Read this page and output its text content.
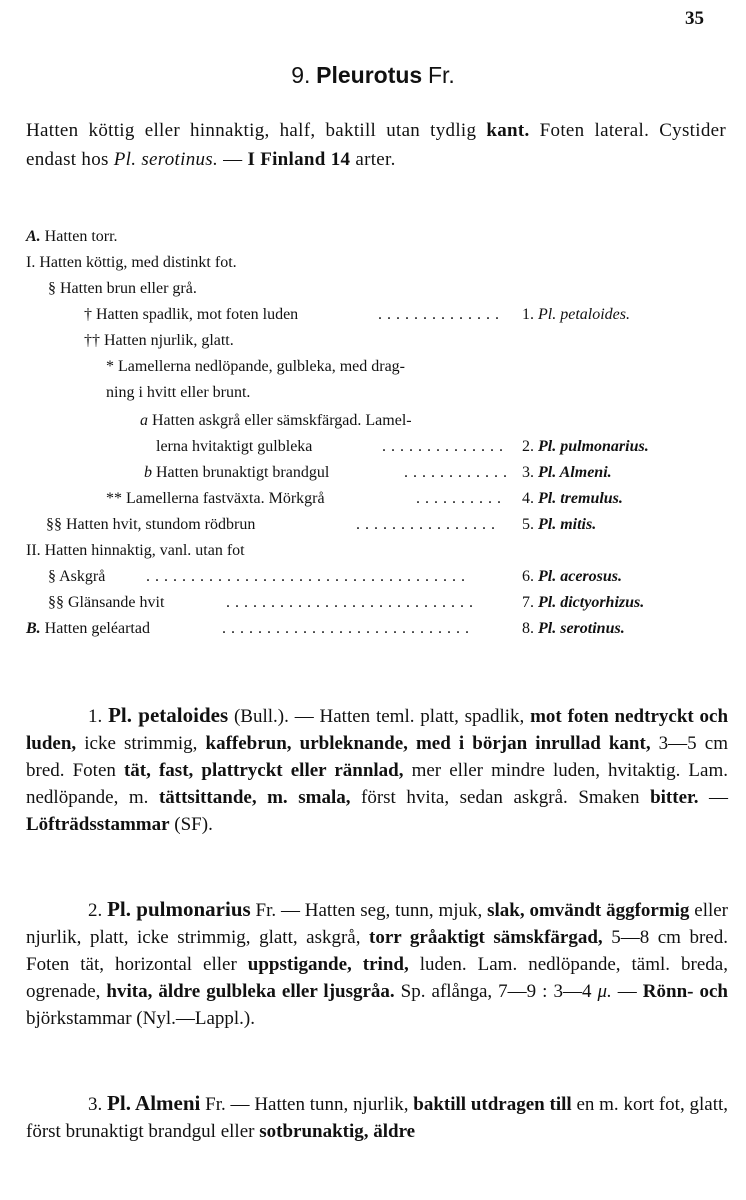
35
9. Pleurotus Fr.
Hatten köttig eller hinnaktig, half, baktill utan tydlig kant. Foten lateral. Cystider endast hos Pl. serotinus. — I Finland 14 arter.
A. Hatten torr.
I. Hatten köttig, med distinkt fot.
§ Hatten brun eller grå.
† Hatten spadlik, mot foten luden	..............	1. Pl. petaloides.
†† Hatten njurlik, glatt.
* Lamellerna nedlöpande, gulbleka, med drag-
ning i hvitt eller brunt.
a Hatten askgrå eller sämskfärgad. Lamel-
lerna hvitaktigt gulbleka	.............. 2. Pl. pulmonarius.
b Hatten brunaktigt brandgul	............ 3. Pl. Almeni.
** Lamellerna fastväxta. Mörkgrå	..........	4. Pl. tremulus.
§§ Hatten hvit, stundom rödbrun	................	5. Pl. mitis.
II. Hatten hinnaktig, vanl. utan fot
§ Askgrå	....................................	6. Pl. acerosus.
§§ Glänsande hvit	............................	7. Pl. dictyorhizus.
B. Hatten geléartad	............................	8. Pl. serotinus.
1. Pl. petaloides (Bull.). — Hatten teml. platt, spadlik, mot foten nedtryckt och luden, icke strimmig, kaffebrun, urbleknande, med i början inrullad kant, 3—5 cm bred. Foten tät, fast, plattryckt eller rännlad, mer eller mindre luden, hvitaktig. Lam. nedlöpande, m. tättsittande, m. smala, först hvita, sedan askgrå. Smaken bitter. — Löfträdsstammar (SF).
2. Pl. pulmonarius Fr. — Hatten seg, tunn, mjuk, slak, omvändt äggformig eller njurlik, platt, icke strimmig, glatt, askgrå, torr gråaktigt sämskfärgad, 5—8 cm bred. Foten tät, horizontal eller uppstigande, trind, luden. Lam. nedlöpande, täml. breda, ogrenade, hvita, äldre gulbleka eller ljusgråa. Sp. aflånga, 7—9 : 3—4 μ. — Rönn- och björkstammar (Nyl.—Lappl.).
3. Pl. Almeni Fr. — Hatten tunn, njurlik, baktill utdragen till en m. kort fot, glatt, först brunaktigt brandgul eller sotbrunaktig, äldre
